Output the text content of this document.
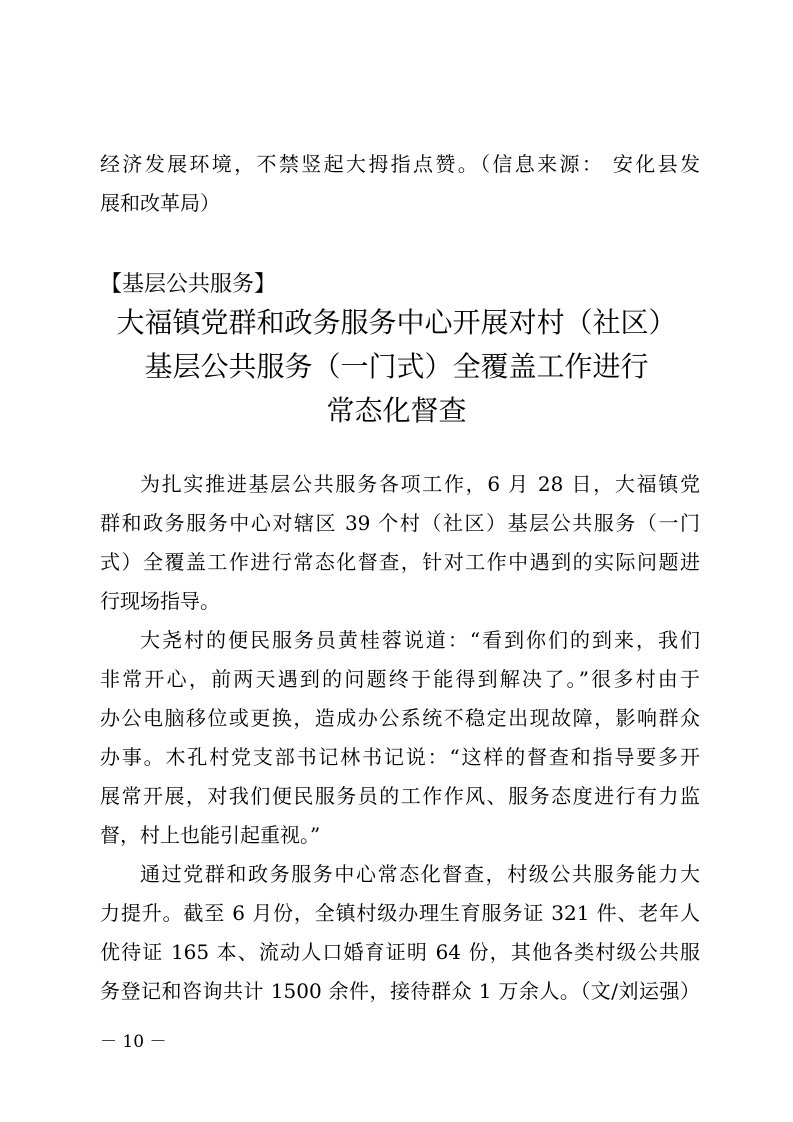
经济发展环境，不禁竖起大拇指点赞。（信息来源： 安化县发
展和改革局）
【基层公共服务】
大福镇党群和政务服务中心开展对村（社区）
基层公共服务（一门式）全覆盖工作进行
常态化督查
为扎实推进基层公共服务各项工作，6 月 28 日，大福镇党
群和政务服务中心对辖区 39 个村（社区）基层公共服务（一门
式）全覆盖工作进行常态化督查，针对工作中遇到的实际问题进
行现场指导。
大尧村的便民服务员黄桂蓉说道：“看到你们的到来，我们
非常开心，前两天遇到的问题终于能得到解决了。”很多村由于
办公电脑移位或更换，造成办公系统不稳定出现故障，影响群众
办事。木孔村党支部书记林书记说：“这样的督查和指导要多开
展常开展，对我们便民服务员的工作作风、服务态度进行有力监
督，村上也能引起重视。”
通过党群和政务服务中心常态化督查，村级公共服务能力大
力提升。截至 6 月份，全镇村级办理生育服务证 321 件、老年人
优待证 165 本、流动人口婚育证明 64 份，其他各类村级公共服
务登记和咨询共计 1500 余件，接待群众 1 万余人。（文/刘运强）
－ 10 －
